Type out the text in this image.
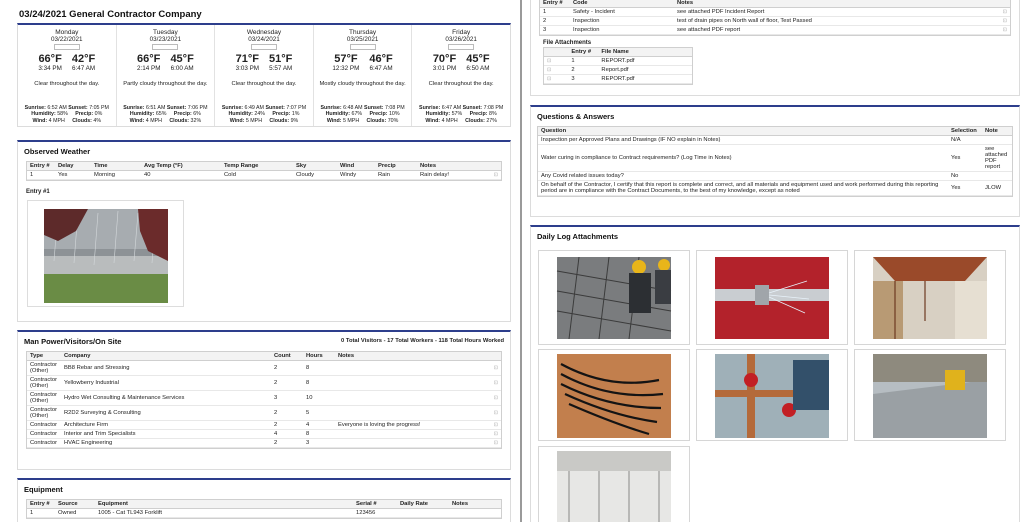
03/24/2021 General Contractor Company
Monday
03/22/2021
66°F
3:34 PM
42°F
6:47 AM
Clear throughout the day.
Sunrise: 6:52 AM Sunset: 7:05 PM
Humidity: 58% Precip: 0%
Wind: 4 MPH Clouds: 4%
Tuesday
03/23/2021
66°F
2:14 PM
45°F
6:00 AM
Partly cloudy throughout the day.
Sunrise: 6:51 AM Sunset: 7:06 PM
Humidity: 65% Precip: 6%
Wind: 4 MPH Clouds: 32%
Wednesday
03/24/2021
71°F
3:03 PM
51°F
5:57 AM
Clear throughout the day.
Sunrise: 6:49 AM Sunset: 7:07 PM
Humidity: 24% Precip: 1%
Wind: 5 MPH Clouds: 9%
Thursday
03/25/2021
57°F
12:32 PM
46°F
6:47 AM
Mostly cloudy throughout the day.
Sunrise: 6:48 AM Sunset: 7:08 PM
Humidity: 67% Precip: 10%
Wind: 5 MPH Clouds: 70%
Friday
03/26/2021
70°F
3:01 PM
45°F
6:50 AM
Clear throughout the day.
Sunrise: 6:47 AM Sunset: 7:08 PM
Humidity: 57% Precip: 8%
Wind: 4 MPH Clouds: 27%
Observed Weather
Entry #	Delay	Time	Avg Temp (°F)	Temp Range	Sky	Wind	Precip	Notes	
1	Yes	Morning	40	Cold	Cloudy	Windy	Rain	Rain delay!	⊡
Entry #1
Man Power/Visitors/On Site	0 Total Visitors - 17 Total Workers - 118 Total Hours Worked
Type	Company	Count	Hours	Notes	
Contractor (Other)	BB8 Rebar and Stressing	2	8		⊡
Contractor (Other)	Yellowberry Industrial	2	8		⊡
Contractor (Other)	Hydro Wet Consulting & Maintenance Services	3	10		⊡
Contractor (Other)	R2D2 Surveying & Consulting	2	5		⊡
Contractor	Architecture Firm	2	4	Everyone is loving the progress!	⊡
Contractor	Interior and Trim Specialists	4	8		⊡
Contractor	HVAC Engineering	2	3		⊡
Equipment
Entry #	Source	Equipment	Serial #	Daily Rate	Notes
1	Owned	1005 - Cat TL943 Forklift	123456		
Entry #	Code	Notes	
1	Safety - Incident	see attached PDF Incident Report	⊡
2	Inspection	test of drain pipes on North wall of floor, Test Passed	⊡
3	Inspection	see attached PDF report	⊡
File Attachments
	Entry #	File Name
⊡	1	REPORT.pdf
⊡	2	Report.pdf
⊡	3	REPORT.pdf
Questions & Answers
Question	Selection	Note
Inspection per Approved Plans and Drawings (IF NO explain in Notes)	N/A	
Water curing in compliance to Contract requirements? (Log Time in Notes)	Yes	see attached PDF report
Any Covid related issues today?	No	
On behalf of the Contractor, I certify that this report is complete and correct, and all materials and equipment used and work performed during this reporting period are in compliance with the Contract Documents, to the best of my knowledge, except as noted	Yes	JLOW
Daily Log Attachments
